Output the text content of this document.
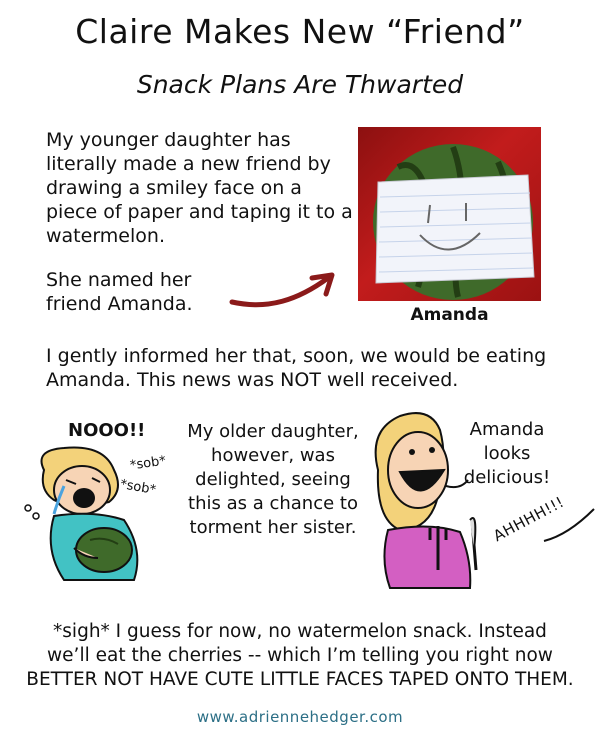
Claire Makes New “Friend”
Snack Plans Are Thwarted
My younger daughter has literally made a new friend by drawing a smiley face on a piece of paper and taping it to a watermelon.
She named her friend Amanda.	Amanda
I gently informed her that, soon, we would be eating Amanda. This news was NOT well received.
NOOO!!
*sob*
*sob*
My older daughter, however, was delighted, seeing this as a chance to torment her sister.
Amanda looks delicious!
AHHHH!!!
*sigh* I guess for now, no watermelon snack. Instead
we’ll eat the cherries -- which I’m telling you right now
BETTER NOT HAVE CUTE LITTLE FACES TAPED ONTO THEM.
www.adriennehedger.com
